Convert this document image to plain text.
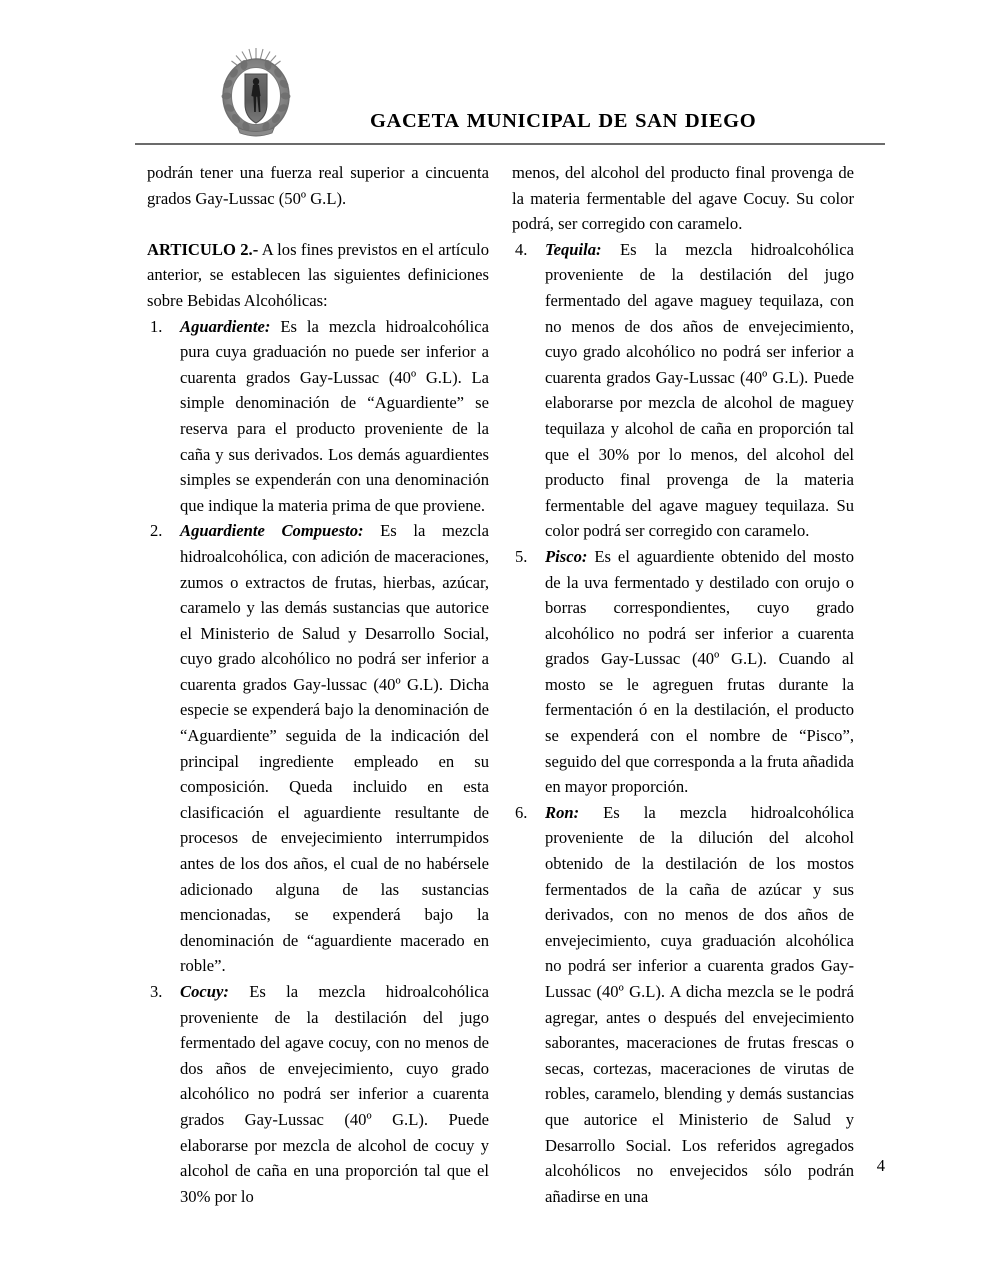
GACETA MUNICIPAL DE SAN DIEGO

podrán tener una fuerza real superior a cincuenta grados Gay-Lussac (50º G.L).

ARTICULO 2.- A los fines previstos en el artículo anterior, se establecen las siguientes definiciones sobre Bebidas Alcohólicas:

1.	Aguardiente: Es la mezcla hidroalcohólica pura cuya graduación no puede ser inferior a cuarenta grados Gay-Lussac (40º G.L). La simple denominación de “Aguardiente” se reserva para el producto proveniente de la caña y sus derivados. Los demás aguardientes simples se expenderán con una denominación que indique la materia prima de que proviene.
2.	Aguardiente Compuesto: Es la mezcla hidroalcohólica, con adición de maceraciones, zumos o extractos de frutas, hierbas, azúcar, caramelo y las demás sustancias que autorice el Ministerio de Salud y Desarrollo Social, cuyo grado alcohólico no podrá ser inferior a cuarenta grados Gay-lussac (40º G.L). Dicha especie se expenderá bajo la denominación de “Aguardiente” seguida de la indicación del principal ingrediente empleado en su composición. Queda incluido en esta clasificación el aguardiente resultante de procesos de envejecimiento interrumpidos antes de los dos años, el cual de no habérsele adicionado alguna de las sustancias mencionadas, se expenderá bajo la denominación de “aguardiente macerado en roble”.
3.	Cocuy: Es la mezcla hidroalcohólica proveniente de la destilación del jugo fermentado del agave cocuy, con no menos de dos años de envejecimiento, cuyo grado alcohólico no podrá ser inferior a cuarenta grados Gay-Lussac (40º G.L). Puede elaborarse por mezcla de alcohol de cocuy y alcohol de caña en una proporción tal que el 30% por lo

menos, del alcohol del producto final provenga de la materia fermentable del agave Cocuy. Su color podrá, ser corregido con caramelo.

4.	Tequila: Es la mezcla hidroalcohólica proveniente de la destilación del jugo fermentado del agave maguey tequilaza, con no menos de dos años de envejecimiento, cuyo grado alcohólico no podrá ser inferior a cuarenta grados Gay-Lussac (40º G.L). Puede elaborarse por mezcla de alcohol de maguey tequilaza y alcohol de caña en proporción tal que el 30% por lo menos, del alcohol del producto final provenga de la materia fermentable del agave maguey tequilaza. Su color podrá ser corregido con caramelo.
5.	Pisco: Es el aguardiente obtenido del mosto de la uva fermentado y destilado con orujo o borras correspondientes, cuyo grado alcohólico no podrá ser inferior a cuarenta grados Gay-Lussac (40º G.L). Cuando al mosto se le agreguen frutas durante la fermentación ó en la destilación, el producto se expenderá con el nombre de “Pisco”, seguido del que corresponda a la fruta añadida en mayor proporción.
6.	Ron: Es la mezcla hidroalcohólica proveniente de la dilución del alcohol obtenido de la destilación de los mostos fermentados de la caña de azúcar y sus derivados, con no menos de dos años de envejecimiento, cuya graduación alcohólica no podrá ser inferior a cuarenta grados Gay-Lussac (40º G.L). A dicha mezcla se le podrá agregar, antes o después del envejecimiento saborantes, maceraciones de frutas frescas o secas, cortezas, maceraciones de virutas de robles, caramelo, blending y demás sustancias que autorice el Ministerio de Salud y Desarrollo Social. Los referidos agregados alcohólicos no envejecidos sólo podrán añadirse en una
4
